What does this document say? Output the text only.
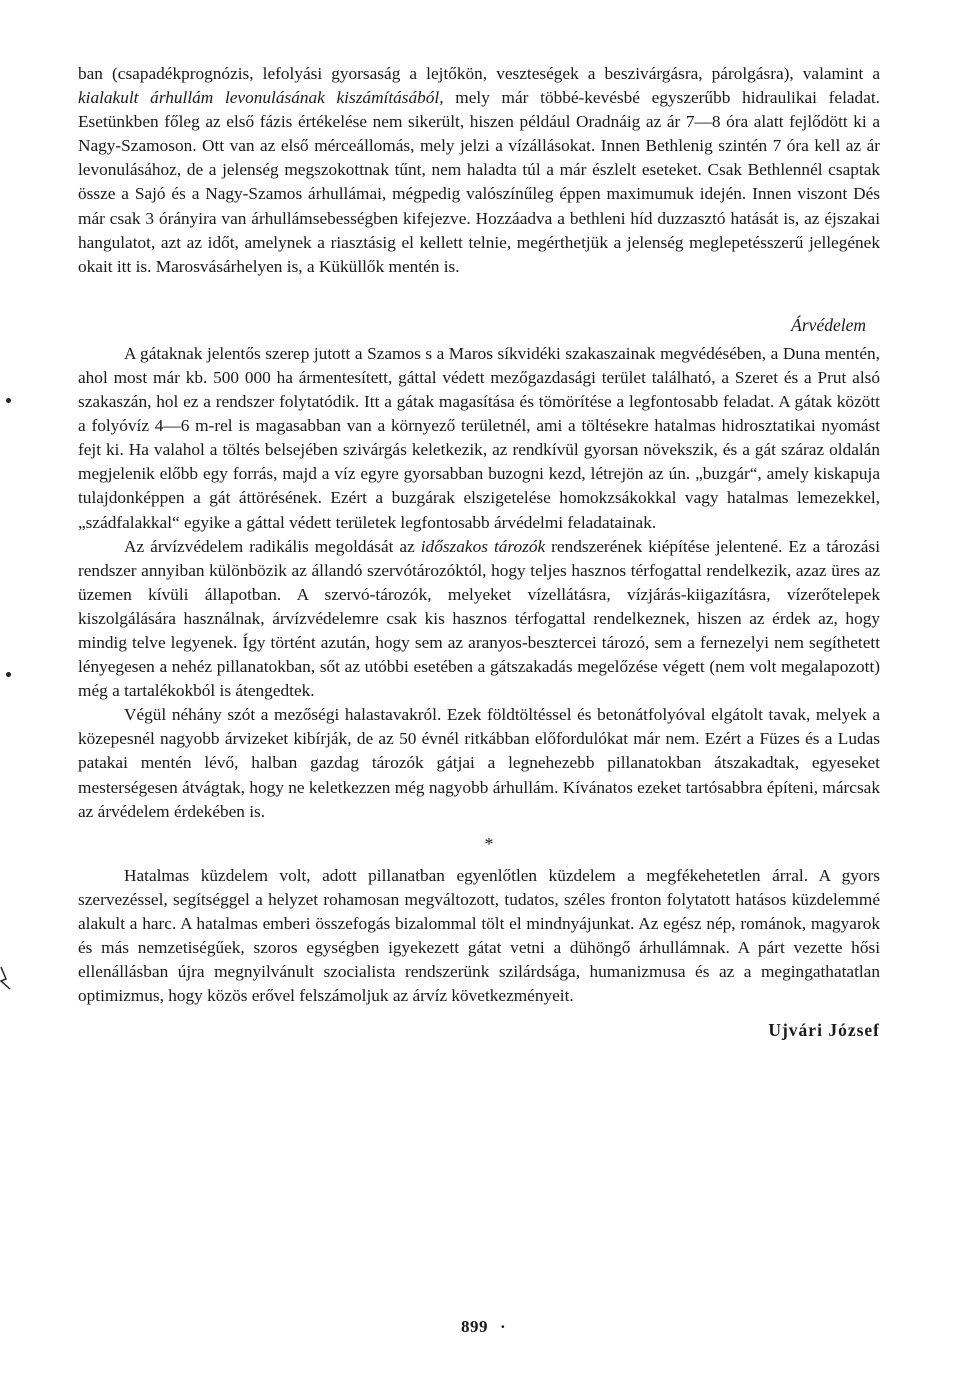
ban (csapadékprognózis, lefolyási gyorsaság a lejtőkön, veszteségek a beszivárgásra, párolgásra), valamint a kialakult árhullám levonulásának kiszámításából, mely már többé-kevésbé egyszerűbb hidraulikai feladat. Esetünkben főleg az első fázis értékelése nem sikerült, hiszen például Oradnáig az ár 7—8 óra alatt fejlődött ki a Nagy-Szamoson. Ott van az első mérceállomás, mely jelzi a vízállásokat. Innen Bethlenig szintén 7 óra kell az ár levonulásához, de a jelenség megszokottnak tűnt, nem haladta túl a már észlelt eseteket. Csak Bethlennél csaptak össze a Sajó és a Nagy-Szamos árhullámai, mégpedig valószínűleg éppen maximumuk idején. Innen viszont Dés már csak 3 órányira van árhullámsebességben kifejezve. Hozzáadva a bethleni híd duzzasztó hatását is, az éjszakai hangulatot, azt az időt, amelynek a riasztásig el kellett telnie, megérthetjük a jelenség meglepetésszerű jellegének okait itt is. Marosvásárhelyen is, a Küküllők mentén is.

Árvédelem

A gátaknak jelentős szerep jutott a Szamos s a Maros síkvidéki szakaszainak megvédésében, a Duna mentén, ahol most már kb. 500 000 ha ármentesített, gáttal védett mezőgazdasági terület található, a Szeret és a Prut alsó szakaszán, hol ez a rendszer folytatódik. Itt a gátak magasítása és tömörítése a legfontosabb feladat. A gátak között a folyóvíz 4—6 m-rel is magasabban van a környező területnél, ami a töltésekre hatalmas hidrosztatikai nyomást fejt ki. Ha valahol a töltés belsejében szivárgás keletkezik, az rendkívül gyorsan növekszik, és a gát száraz oldalán megjelenik előbb egy forrás, majd a víz egyre gyorsabban buzogni kezd, létrejön az ún. „buzgár“, amely kiskapuja tulajdonképpen a gát áttörésének. Ezért a buzgárak elszigetelése homokzsákokkal vagy hatalmas lemezekkel, „szádfalakkal“ egyike a gáttal védett területek legfontosabb árvédelmi feladatainak.

Az árvízvédelem radikális megoldását az időszakos tározók rendszerének kiépítése jelentené. Ez a tározási rendszer annyiban különbözik az állandó szervótározóktól, hogy teljes hasznos térfogattal rendelkezik, azaz üres az üzemen kívüli állapotban. A szervó-tározók, melyeket vízellátásra, vízjárás-kiigazításra, vízerőtelepek kiszolgálására használnak, árvízvédelemre csak kis hasznos térfogattal rendelkeznek, hiszen az érdek az, hogy mindig telve legyenek. Így történt azután, hogy sem az aranyos-besztercei tározó, sem a fernezelyi nem segíthetett lényegesen a nehéz pillanatokban, sőt az utóbbi esetében a gátszakadás megelőzése végett (nem volt megalapozott) még a tartalékokból is átengedtek.

Végül néhány szót a mezőségi halastavakról. Ezek földtöltéssel és betonátfolyóval elgátolt tavak, melyek a közepesnél nagyobb árvizeket kibírják, de az 50 évnél ritkábban előfordulókat már nem. Ezért a Füzes és a Ludas patakai mentén lévő, halban gazdag tározók gátjai a legnehezebb pillanatokban átszakadtak, egyeseket mesterségesen átvágtak, hogy ne keletkezzen még nagyobb árhullám. Kívánatos ezeket tartósabbra építeni, márcsak az árvédelem érdekében is.

*

Hatalmas küzdelem volt, adott pillanatban egyenlőtlen küzdelem a megfékehetetlen árral. A gyors szervezéssel, segítséggel a helyzet rohamosan megváltozott, tudatos, széles fronton folytatott hatásos küzdelemmé alakult a harc. A hatalmas emberi összefogás bizalommal tölt el mindnyájunkat. Az egész nép, románok, magyarok és más nemzetiségűek, szoros egységben igyekezett gátat vetni a dühöngő árhullámnak. A párt vezette hősi ellenállásban újra megnyilvánult szocialista rendszerünk szilárdsága, humanizmusa és az a megingathatatlan optimizmus, hogy közös erővel felszámoljuk az árvíz következményeit.

Ujvári József
899 ·
